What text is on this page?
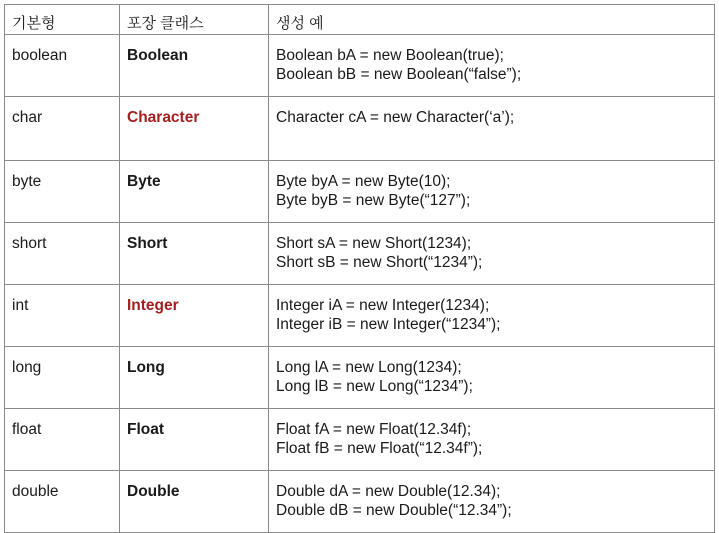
기본형	포장 클래스	생성 예
boolean	Boolean	Boolean bA = new Boolean(true);
Boolean bB = new Boolean(“false”);

char	Character	Character cA = new Character(‘a’);

byte	Byte	Byte byA = new Byte(10);
Byte byB = new Byte(“127”);

short	Short	Short sA = new Short(1234);
Short sB = new Short(“1234”);

int	Integer	Integer iA = new Integer(1234);
Integer iB = new Integer(“1234”);

long	Long	Long lA = new Long(1234);
Long lB = new Long(“1234”);

float	Float	Float fA = new Float(12.34f);
Float fB = new Float(“12.34f”);

double	Double	Double dA = new Double(12.34);
Double dB = new Double(“12.34”);
